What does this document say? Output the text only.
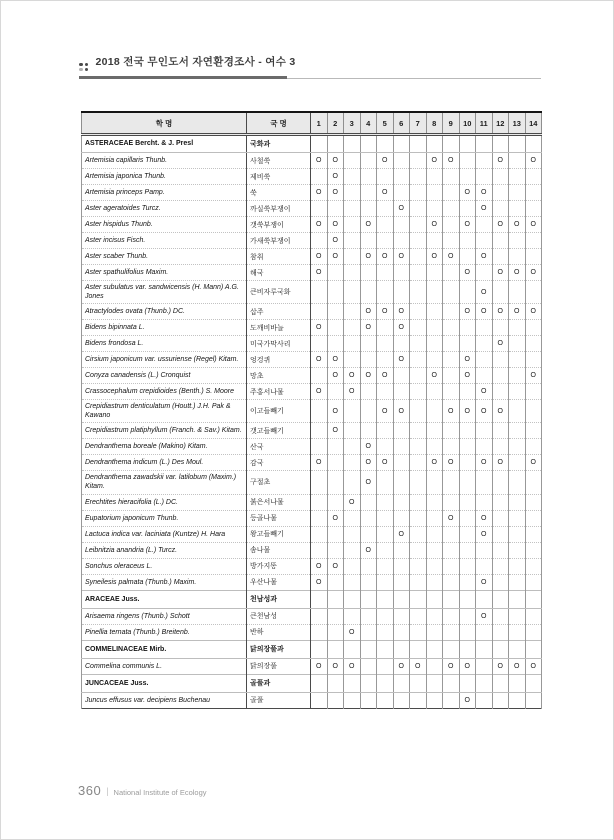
2018 전국 무인도서 자연환경조사 - 여수 3
학 명	국 명	1	2	3	4	5	6	7	8	9	10	11	12	13	14
ASTERACEAE Bercht. & J. Presl	국화과														
Artemisia capillaris Thunb.	사철쑥	O	O			O			O	O			O		O
Artemisia japonica Thunb.	제비쑥		O												
Artemisia princeps Pamp.	쑥	O	O			O					O	O			
Aster ageratoides Turcz.	까실쑥부쟁이						O					O			
Aster hispidus Thunb.	갯쑥부쟁이	O	O		O				O		O		O	O	O
Aster incisus Fisch.	가새쑥부쟁이		O												
Aster scaber Thunb.	참취	O	O		O	O	O		O	O		O			
Aster spathulifolius Maxim.	해국	O									O		O	O	O
Aster subulatus var. sandwicensis (H. Mann) A.G. Jones	큰비자루국화											O			
Atractylodes ovata (Thunb.) DC.	삽주				O	O	O				O	O	O	O	O
Bidens bipinnata L.	도깨비바늘	O			O		O								
Bidens frondosa L.	미국가막사리												O		
Cirsium japonicum var. ussuriense (Regel) Kitam.	엉겅퀴	O	O				O				O				
Conyza canadensis (L.) Cronquist	망초		O	O	O	O			O		O				O
Crassocephalum crepidioides (Benth.) S. Moore	주홍서나물	O		O								O			
Crepidiastrum denticulatum (Houtt.) J.H. Pak & Kawano	이고들빼기		O			O	O			O	O	O	O		
Crepidiastrum platiphyllum (Franch. & Sav.) Kitam.	갯고들빼기		O												
Dendranthema boreale (Makino) Kitam.	산국				O										
Dendranthema indicum (L.) Des Moul.	감국	O			O	O			O	O		O	O		O
Dendranthema zawadskii var. latilobum (Maxim.) Kitam.	구절초				O										
Erechtites hieracifolia (L.) DC.	붉은서나물			O											
Eupatorium japonicum Thunb.	등골나물		O							O		O			
Lactuca indica var. laciniata (Kuntze) H. Hara	왕고들빼기						O					O			
Leibnitzia anandria (L.) Turcz.	솜나물				O										
Sonchus oleraceus L.	방가지똥	O	O												
Syneilesis palmata (Thunb.) Maxim.	우산나물	O										O			
ARACEAE Juss.	천남성과														
Arisaema ringens (Thunb.) Schott	큰천남성											O			
Pinellia ternata (Thunb.) Breitenb.	반하			O											
COMMELINACEAE Mirb.	닭의장풀과														
Commelina communis L.	닭의장풀	O	O	O			O	O		O	O		O	O	O
JUNCACEAE Juss.	골풀과														
Juncus effusus var. decipiens Buchenau	골풀										O				
360 | National Institute of Ecology
